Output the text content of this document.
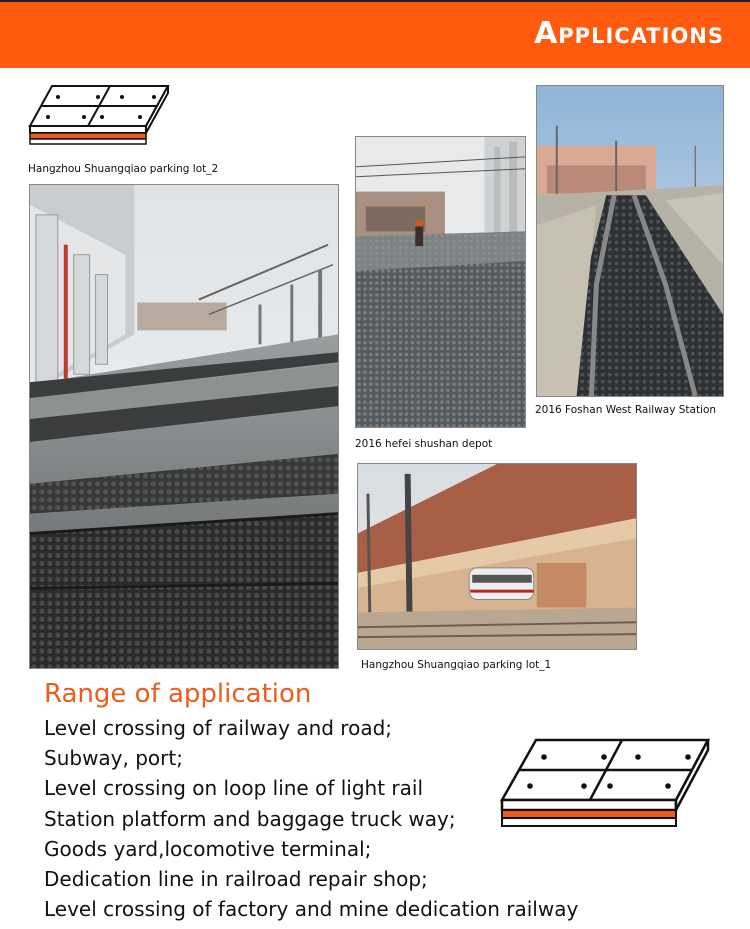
Applications
Hangzhou Shuangqiao parking lot_2
2016 hefei shushan depot
2016 Foshan West Railway Station
Hangzhou Shuangqiao parking lot_1
Range of application
Level crossing of railway and road;
Subway, port;
Level crossing on loop line of light rail
Station platform and baggage truck way;
Goods yard,locomotive terminal;
Dedication line in railroad repair shop;
Level crossing of factory and mine dedication railway
